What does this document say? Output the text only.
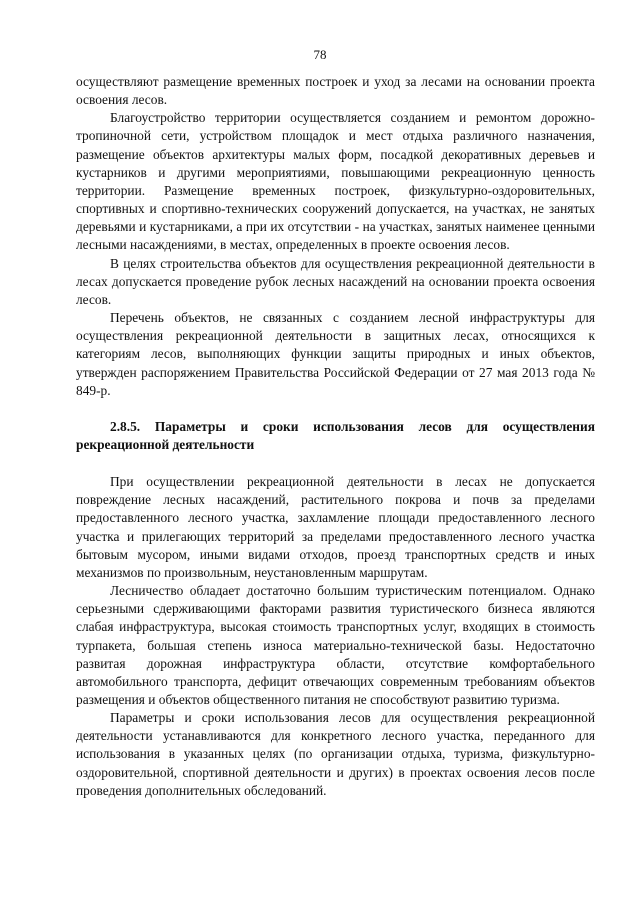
78

осуществляют размещение временных построек и уход за лесами на основании проекта освоения лесов.

Благоустройство территории осуществляется созданием и ремонтом дорожно-тропиночной сети, устройством площадок и мест отдыха различного назначения, размещение объектов архитектуры малых форм, посадкой декоративных деревьев и кустарников и другими мероприятиями, повышающими рекреационную ценность территории. Размещение временных построек, физкультурно-оздоровительных, спортивных и спортивно-технических сооружений допускается, на участках, не занятых деревьями и кустарниками, а при их отсутствии - на участках, занятых наименее ценными лесными насаждениями, в местах, определенных в проекте освоения лесов.

В целях строительства объектов для осуществления рекреационной деятельности в лесах допускается проведение рубок лесных насаждений на основании проекта освоения лесов.

Перечень объектов, не связанных с созданием лесной инфраструктуры для осуществления рекреационной деятельности в защитных лесах, относящихся к категориям лесов, выполняющих функции защиты природных и иных объектов, утвержден распоряжением Правительства Российской Федерации от 27 мая 2013 года № 849-р.

2.8.5. Параметры и сроки использования лесов для осуществления рекреационной деятельности

При осуществлении рекреационной деятельности в лесах не допускается повреждение лесных насаждений, растительного покрова и почв за пределами предоставленного лесного участка, захламление площади предоставленного лесного участка и прилегающих территорий за пределами предоставленного лесного участка бытовым мусором, иными видами отходов, проезд транспортных средств и иных механизмов по произвольным, неустановленным маршрутам.

Лесничество обладает достаточно большим туристическим потенциалом. Однако серьезными сдерживающими факторами развития туристического бизнеса являются слабая инфраструктура, высокая стоимость транспортных услуг, входящих в стоимость турпакета, большая степень износа материально-технической базы. Недостаточно развитая дорожная инфраструктура области, отсутствие комфортабельного автомобильного транспорта, дефицит отвечающих современным требованиям объектов размещения и объектов общественного питания не способствуют развитию туризма.

Параметры и сроки использования лесов для осуществления рекреационной деятельности устанавливаются для конкретного лесного участка, переданного для использования в указанных целях (по организации отдыха, туризма, физкультурно-оздоровительной, спортивной деятельности и других) в проектах освоения лесов после проведения дополнительных обследований.
